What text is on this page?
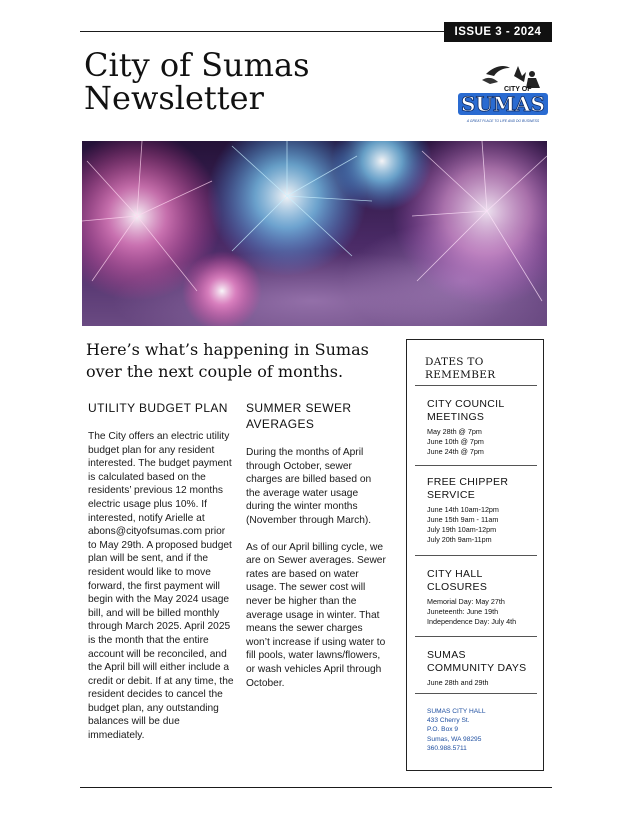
ISSUE 3 - 2024
City of Sumas
Newsletter	CITY OF
SUMAS
A GREAT PLACE TO LIFE AND DO BUSINESS
Here’s what’s happening in Sumas over the next couple of months.
UTILITY BUDGET PLAN

The City offers an electric utility budget plan for any resident interested. The budget payment is calculated based on the residents’ previous 12 months electric usage plus 10%. If interested, notify Arielle at abons@cityofsumas.com prior to May 29th. A proposed budget plan will be sent, and if the resident would like to move forward, the first payment will begin with the May 2024 usage bill, and will be billed monthly through March 2025. April 2025 is the month that the entire account will be reconciled, and the April bill will either include a credit or debit. If at any time, the resident decides to cancel the budget plan, any outstanding balances will be due immediately.

SUMMER SEWER
AVERAGES

During the months of April through October, sewer charges are billed based on the average water usage during the winter months (November through March).

As of our April billing cycle, we are on Sewer averages. Sewer rates are based on water usage. The sewer cost will never be higher than the average usage in winter. That means the sewer charges won’t increase if using water to fill pools, water lawns/flowers, or wash vehicles April through October.

DATES TO
REMEMBER
CITY COUNCIL
MEETINGS
May 28th @ 7pm
June 10th @ 7pm
June 24th @ 7pm
FREE CHIPPER
SERVICE
June 14th 10am-12pm
June 15th 9am - 11am
July 19th 10am-12pm
July 20th 9am-11pm
CITY HALL
CLOSURES
Memorial Day: May 27th
Juneteenth: June 19th
Independence Day: July 4th
SUMAS
COMMUNITY DAYS
June 28th and 29th
SUMAS CITY HALL
433 Cherry St.
P.O. Box 9
Sumas, WA 98295
360.988.5711
